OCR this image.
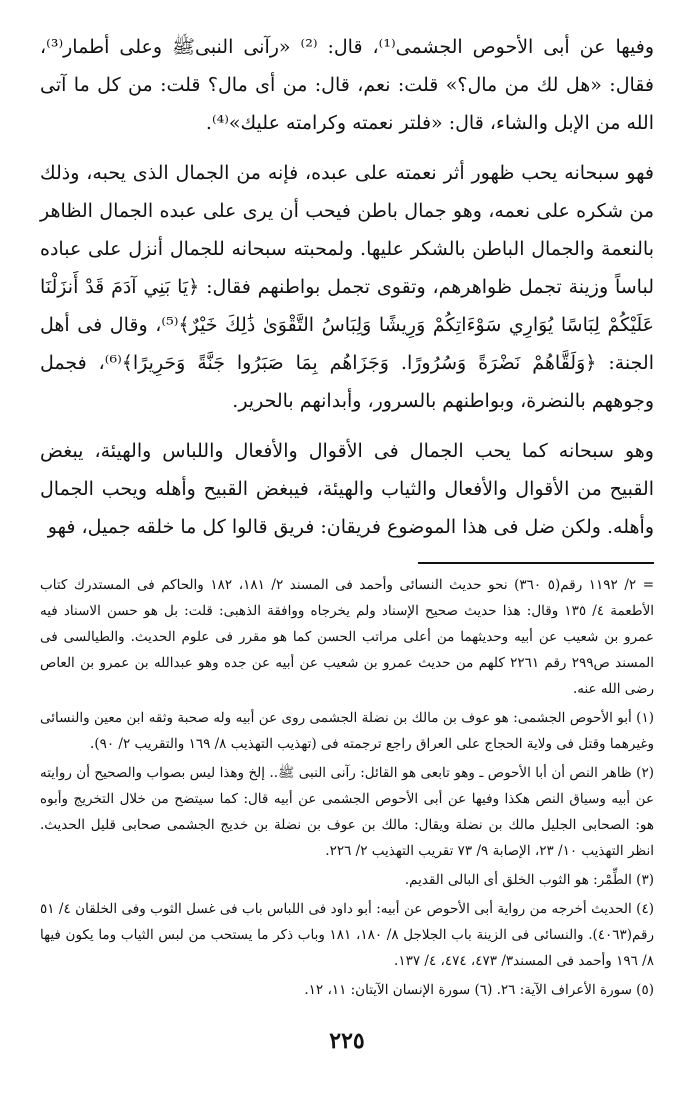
وفيها عن أبى الأحوص الجشمى⁽¹⁾، قال: ⁽²⁾ «رآنى النبىﷺ وعلى أطمار⁽³⁾، فقال: «هل لك من مال؟» قلت: نعم، قال: من أى مال؟ قلت: من كل ما آتى الله من الإبل والشاء، قال: «فلتر نعمته وكرامته عليك»⁽⁴⁾.

فهو سبحانه يحب ظهور أثر نعمته على عبده، فإنه من الجمال الذى يحبه، وذلك من شكره على نعمه، وهو جمال باطن فيحب أن يرى على عبده الجمال الظاهر بالنعمة والجمال الباطن بالشكر عليها. ولمحبته سبحانه للجمال أنزل على عباده لباساً وزينة تجمل ظواهرهم، وتقوى تجمل بواطنهم فقال: ﴿يَا بَنِي آدَمَ قَدْ أَنزَلْنَا عَلَيْكُمْ لِبَاسًا يُوَارِي سَوْءَاتِكُمْ وَرِيشًا وَلِبَاسُ التَّقْوَىٰ ذَٰلِكَ خَيْرٌ﴾⁽⁵⁾، وقال فى أهل الجنة: ﴿وَلَقَّاهُمْ نَضْرَةً وَسُرُورًا. وَجَزَاهُم بِمَا صَبَرُوا جَنَّةً وَحَرِيرًا﴾⁽⁶⁾، فجمل وجوههم بالنضرة، وبواطنهم بالسرور، وأبدانهم بالحرير.

وهو سبحانه كما يحب الجمال فى الأقوال والأفعال واللباس والهيئة، يبغض القبيح من الأقوال والأفعال والثياب والهيئة، فيبغض القبيح وأهله ويحب الجمال وأهله. ولكن ضل فى هذا الموضوع فريقان: فريق قالوا كل ما خلقه جميل، فهو

= ٢/ ١١٩٢ رقم(٥ ٣٦٠) نحو حديث النسائى وأحمد فى المسند ٢/ ١٨١، ١٨٢ والحاكم فى المستدرك كتاب الأطعمة ٤/ ١٣٥ وقال: هذا حديث صحيح الإسناد ولم يخرجاه ووافقة الذهبى: قلت: بل هو حسن الاسناد فيه عمرو بن شعيب عن أبيه وحديثهما من أعلى مراتب الحسن كما هو مقرر فى علوم الحديث. والطيالسى فى المسند ص٢٩٩ رقم ٢٢٦١ كلهم من حديث عمرو بن شعيب عن أبيه عن جده وهو عبدالله بن عمرو بن العاص رضى الله عنه.

(١) أبو الأحوص الجشمى: هو عوف بن مالك بن نضلة الجشمى روى عن أبيه وله صحبة وثقه ابن معين والنسائى وغيرهما وقتل فى ولاية الحجاج على العراق راجع ترجمته فى (تهذيب التهذيب ٨/ ١٦٩ والتقريب ٢/ ٩٠).

(٢) ظاهر النص أن أبا الأحوص ـ وهو تابعى هو القائل: رآنى النبى ﷺ.. إلخ وهذا ليس بصواب والصحيح أن روايته عن أبيه وسياق النص هكذا وفيها عن أبى الأحوص الجشمى عن أبيه قال: كما سيتضح من خلال التخريج وأبوه هو: الصحابى الجليل مالك بن نضلة ويقال: مالك بن عوف بن نضلة بن خديج الجشمى صحابى قليل الحديث. انظر التهذيب ١٠/ ٢٣، الإصابة ٩/ ٧٣ تقريب التهذيب ٢/ ٢٢٦.

(٣) الطِّمْر: هو الثوب الخلق أى البالى القديم.

(٤) الحديث أخرجه من رواية أبى الأحوص عن أبيه: أبو داود فى اللباس باب فى غسل الثوب وفى الخلقان ٤/ ٥١ رقم(٤٠٦٣). والنسائى فى الزينة باب الجلاجل ٨/ ١٨٠، ١٨١ وباب ذكر ما يستحب من لبس الثياب وما يكون فيها ٨/ ١٩٦ وأحمد فى المسند٣/ ٤٧٣، ٤٧٤، ٤/ ١٣٧.

(٥) سورة الأعراف الآية: ٢٦. (٦) سورة الإنسان الآيتان: ١١، ١٢.

٢٢٥
